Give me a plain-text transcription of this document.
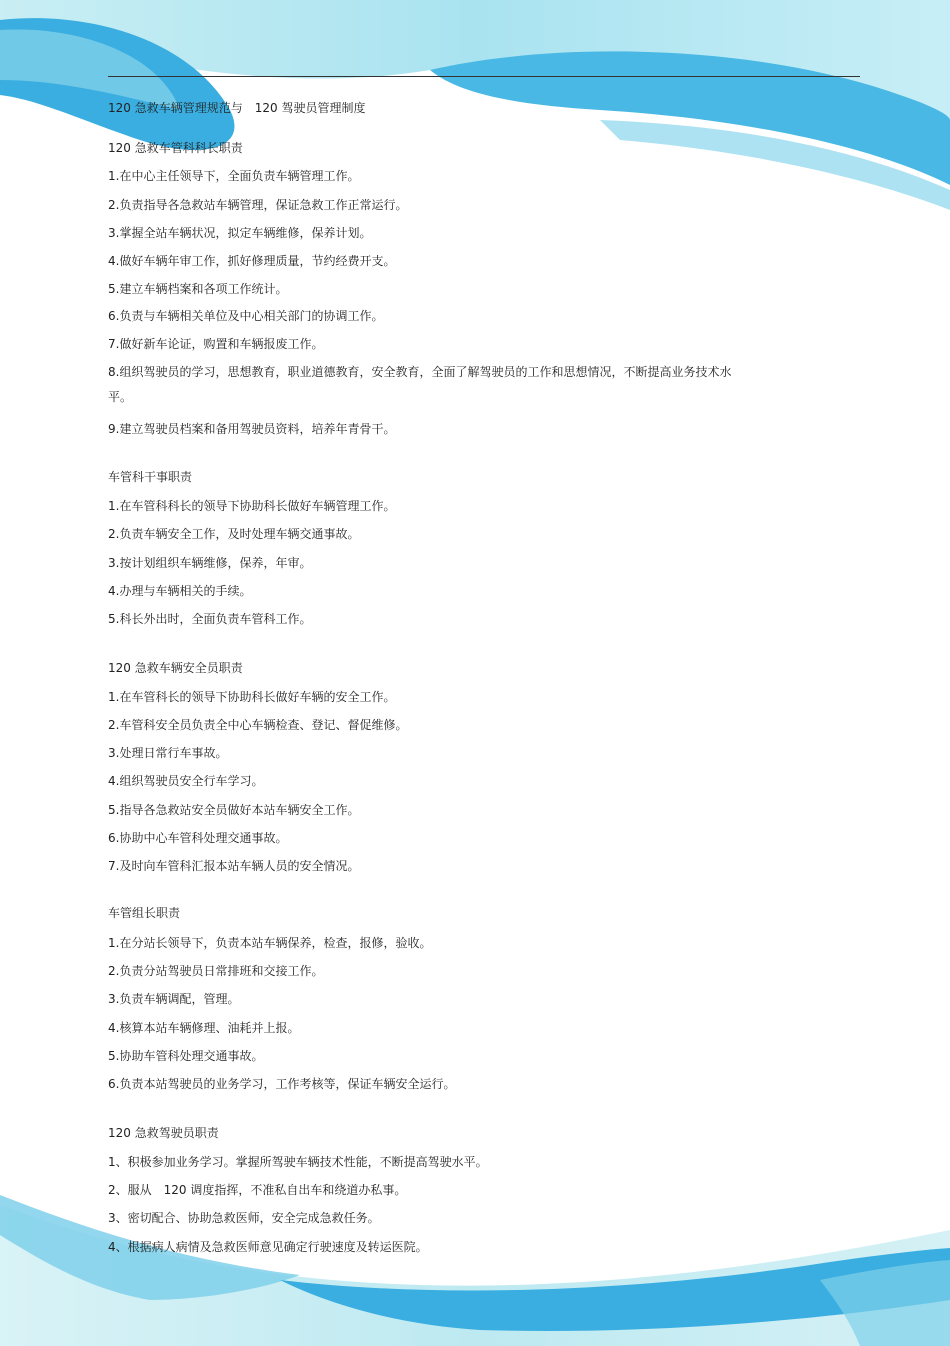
120 急救车辆管理规范与　120 驾驶员管理制度
120 急救车管科科长职责
1.在中心主任领导下，全面负责车辆管理工作。
2.负责指导各急救站车辆管理，保证急救工作正常运行。
3.掌握全站车辆状况，拟定车辆维修，保养计划。
4.做好车辆年审工作，抓好修理质量，节约经费开支。
5.建立车辆档案和各项工作统计。
6.负责与车辆相关单位及中心相关部门的协调工作。
7.做好新车论证，购置和车辆报废工作。
8.组织驾驶员的学习，思想教育，职业道德教育，安全教育，全面了解驾驶员的工作和思想情况，不断提高业务技术水
平。
9.建立驾驶员档案和备用驾驶员资料，培养年青骨干。
车管科干事职责
1.在车管科科长的领导下协助科长做好车辆管理工作。
2.负责车辆安全工作，及时处理车辆交通事故。
3.按计划组织车辆维修，保养，年审。
4.办理与车辆相关的手续。
5.科长外出时，全面负责车管科工作。
120 急救车辆安全员职责
1.在车管科长的领导下协助科长做好车辆的安全工作。
2.车管科安全员负责全中心车辆检查、登记、督促维修。
3.处理日常行车事故。
4.组织驾驶员安全行车学习。
5.指导各急救站安全员做好本站车辆安全工作。
6.协助中心车管科处理交通事故。
7.及时向车管科汇报本站车辆人员的安全情况。
车管组长职责
1.在分站长领导下，负责本站车辆保养，检查，报修，验收。
2.负责分站驾驶员日常排班和交接工作。
3.负责车辆调配，管理。
4.核算本站车辆修理、油耗并上报。
5.协助车管科处理交通事故。
6.负责本站驾驶员的业务学习，工作考核等，保证车辆安全运行。
120 急救驾驶员职责
1、积极参加业务学习。掌握所驾驶车辆技术性能，不断提高驾驶水平。
2、服从　120 调度指挥，不准私自出车和绕道办私事。
3、密切配合、协助急救医师，安全完成急救任务。
4、根据病人病情及急救医师意见确定行驶速度及转运医院。
